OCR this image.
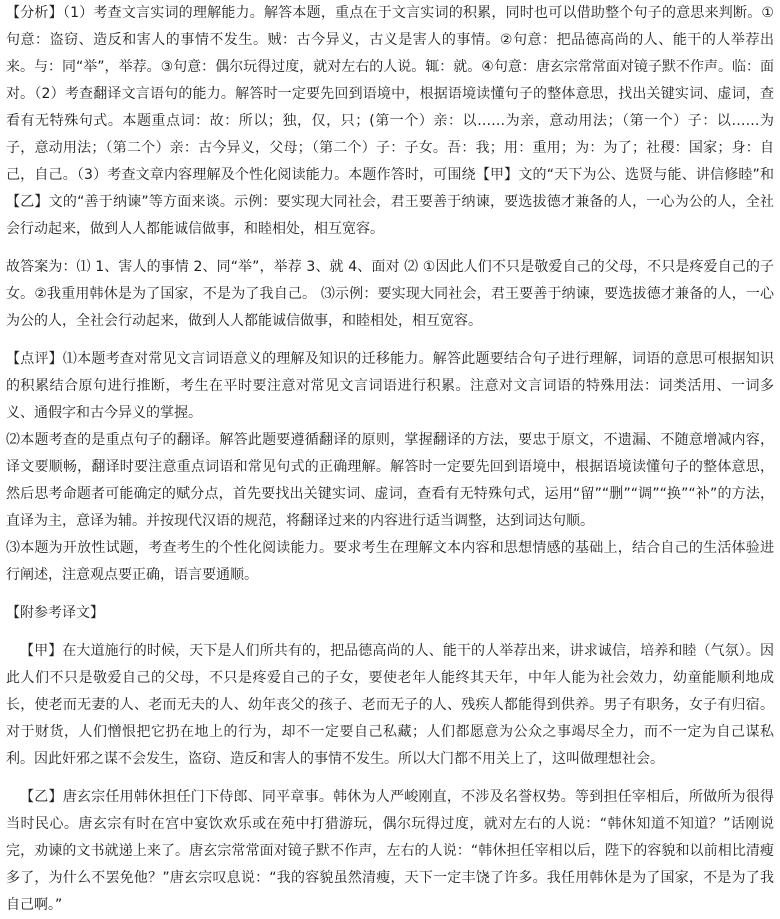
【分析】（1）考查文言实词的理解能力。解答本题，重点在于文言实词的积累，同时也可以借助整个句子的意思来判断。①句意：盗窃、造反和害人的事情不发生。贼：古今异义，古义是害人的事情。②句意：把品德高尚的人、能干的人举荐出来。与：同“举”，举荐。③句意：偶尔玩得过度，就对左右的人说。辄：就。④句意：唐玄宗常常面对镜子默不作声。临：面对。（2）考查翻译文言语句的能力。解答时一定要先回到语境中，根据语境读懂句子的整体意思，找出关键实词、虚词，查看有无特殊句式。本题重点词：故：所以；独，仅，只；(第一个）亲：以……为亲，意动用法；（第一个）子：以……为子，意动用法；（第二个）亲：古今异义，父母；（第二个）子：子女。吾：我；用：重用；为：为了；社稷：国家；身：自己，自己。（3）考查文章内容理解及个性化阅读能力。本题作答时，可围绕【甲】文的“天下为公、选贤与能、讲信修睦”和【乙】文的“善于纳谏”等方面来谈。示例：要实现大同社会，君王要善于纳谏，要选拔德才兼备的人，一心为公的人，全社会行动起来，做到人人都能诚信做事，和睦相处，相互宽容。

故答案为：⑴ 1、害人的事情 2、同“举”，举荐 3、就 4、面对 ⑵ ①因此人们不只是敬爱自己的父母，不只是疼爱自己的子女。②我重用韩休是为了国家，不是为了我自己。 ⑶示例：要实现大同社会，君王要善于纳谏，要选拔德才兼备的人，一心为公的人，全社会行动起来，做到人人都能诚信做事，和睦相处，相互宽容。

【点评】⑴本题考查对常见文言词语意义的理解及知识的迁移能力。解答此题要结合句子进行理解，词语的意思可根据知识的积累结合原句进行推断，考生在平时要注意对常见文言词语进行积累。注意对文言词语的特殊用法：词类活用、一词多义、通假字和古今异义的掌握。

⑵本题考查的是重点句子的翻译。解答此题要遵循翻译的原则，掌握翻译的方法，要忠于原文，不遗漏、不随意增减内容，译文要顺畅，翻译时要注意重点词语和常见句式的正确理解。解答时一定要先回到语境中，根据语境读懂句子的整体意思，然后思考命题者可能确定的赋分点，首先要找出关键实词、虚词，查看有无特殊句式，运用“留”“删”“调”“换”“补”的方法，直译为主，意译为辅。并按现代汉语的规范，将翻译过来的内容进行适当调整，达到词达句顺。

⑶本题为开放性试题，考查考生的个性化阅读能力。要求考生在理解文本内容和思想情感的基础上，结合自己的生活体验进行阐述，注意观点要正确，语言要通顺。

【附参考译文】

【甲】在大道施行的时候，天下是人们所共有的，把品德高尚的人、能干的人举荐出来，讲求诚信，培养和睦（气氛）。因此人们不只是敬爱自己的父母，不只是疼爱自己的子女，要使老年人能终其天年，中年人能为社会效力，幼童能顺利地成长，使老而无妻的人、老而无夫的人、幼年丧父的孩子、老而无子的人、残疾人都能得到供养。男子有职务，女子有归宿。对于财货，人们憎恨把它扔在地上的行为，却不一定要自己私藏；人们都愿意为公众之事竭尽全力，而不一定为自己谋私利。因此奸邪之谋不会发生，盗窃、造反和害人的事情不发生。所以大门都不用关上了，这叫做理想社会。

【乙】唐玄宗任用韩休担任门下侍郎、同平章事。韩休为人严峻刚直，不涉及名誉权势。等到担任宰相后，所做所为很得当时民心。唐玄宗有时在宫中宴饮欢乐或在苑中打猎游玩，偶尔玩得过度，就对左右的人说：“韩休知道不知道？”话刚说完，劝谏的文书就递上来了。唐玄宗常常面对镜子默不作声，左右的人说：“韩休担任宰相以后，陛下的容貌和以前相比清瘦多了，为什么不罢免他？”唐玄宗叹息说：“我的容貌虽然清瘦，天下一定丰饶了许多。我任用韩休是为了国家，不是为了我自己啊。”
